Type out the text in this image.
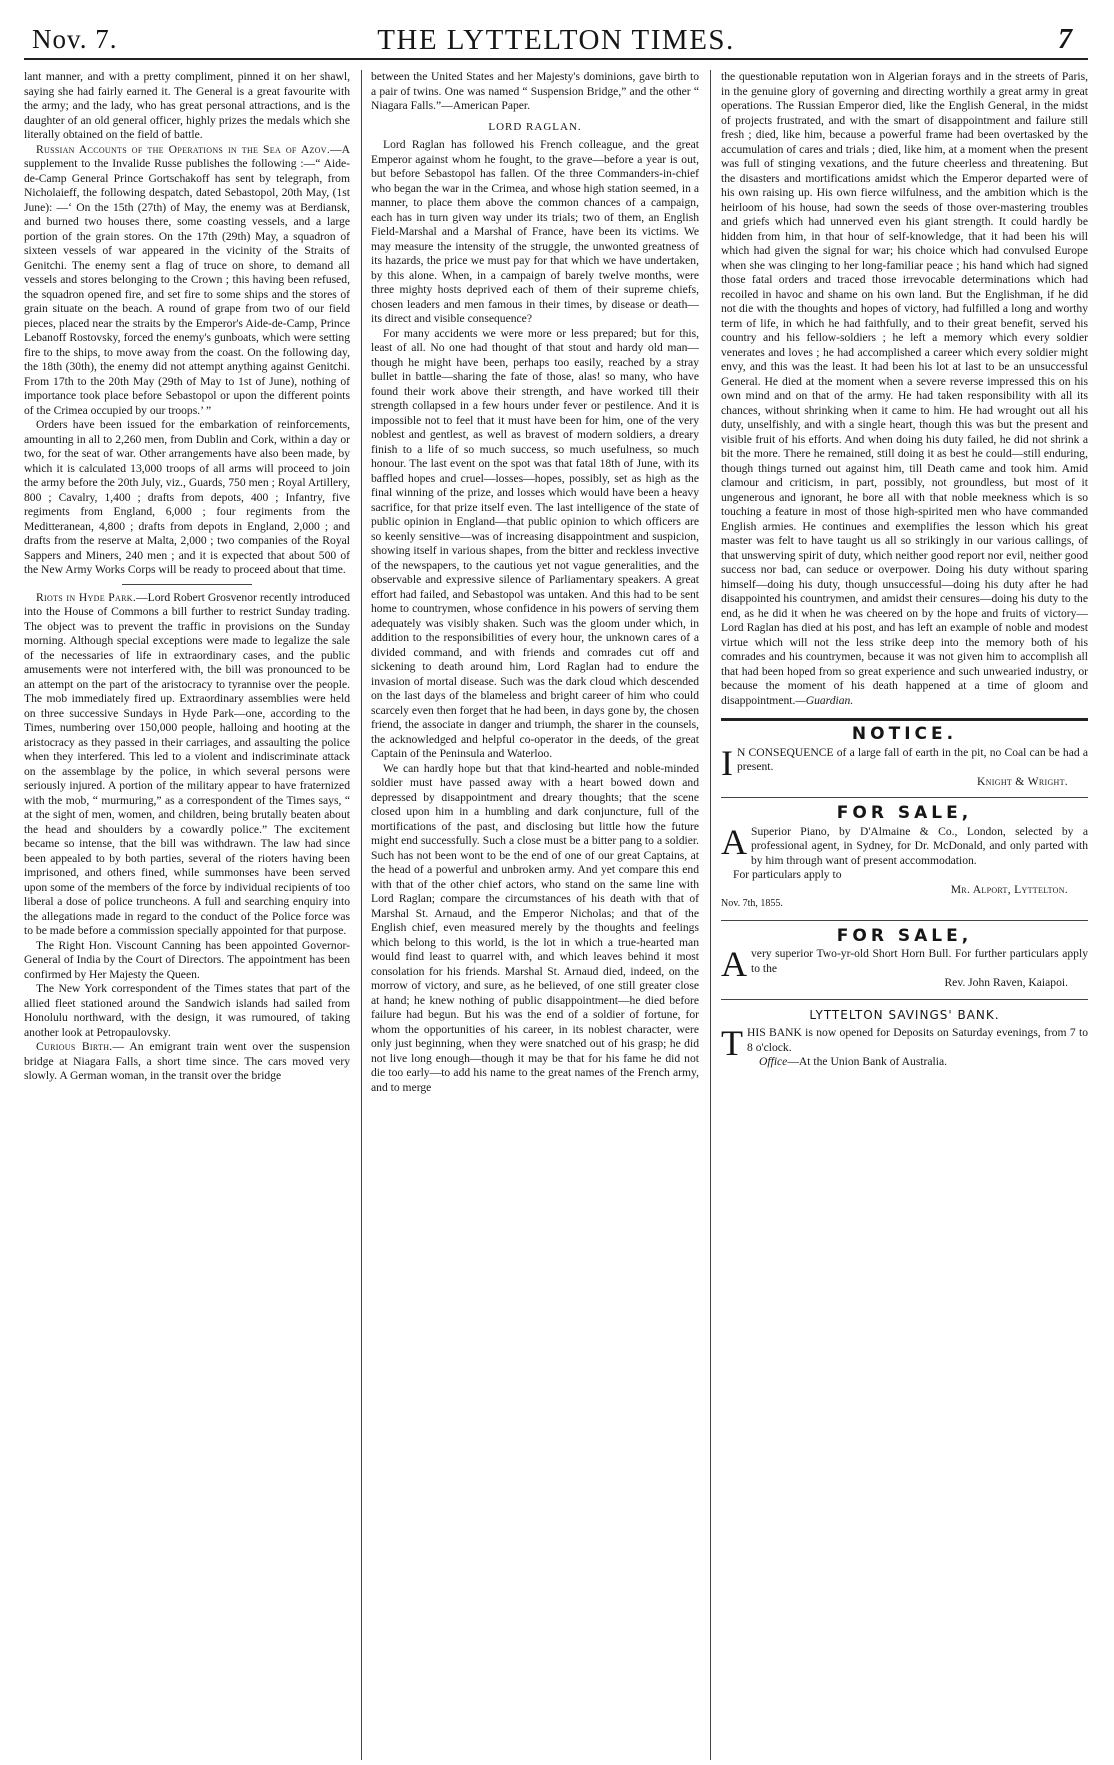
Nov. 7.	THE LYTTELTON TIMES.	7

lant manner, and with a pretty compliment, pinned it on her shawl, saying she had fairly earned it. The General is a great favourite with the army; and the lady, who has great personal attractions, and is the daughter of an old general officer, highly prizes the medals which she literally obtained on the field of battle.

Russian Accounts of the Operations in the Sea of Azov.—A supplement to the Invalide Russe publishes the following :—“ Aide-de-Camp General Prince Gortschakoff has sent by telegraph, from Nicholaieff, the following despatch, dated Sebastopol, 20th May, (1st June): —‘ On the 15th (27th) of May, the enemy was at Berdiansk, and burned two houses there, some coasting vessels, and a large portion of the grain stores. On the 17th (29th) May, a squadron of sixteen vessels of war appeared in the vicinity of the Straits of Genitchi. The enemy sent a flag of truce on shore, to demand all vessels and stores belonging to the Crown ; this having been refused, the squadron opened fire, and set fire to some ships and the stores of grain situate on the beach. A round of grape from two of our field pieces, placed near the straits by the Emperor's Aide-de-Camp, Prince Lebanoff Rostovsky, forced the enemy's gunboats, which were setting fire to the ships, to move away from the coast. On the following day, the 18th (30th), the enemy did not attempt anything against Genitchi. From 17th to the 20th May (29th of May to 1st of June), nothing of importance took place before Sebastopol or upon the different points of the Crimea occupied by our troops.’ ”

Orders have been issued for the embarkation of reinforcements, amounting in all to 2,260 men, from Dublin and Cork, within a day or two, for the seat of war. Other arrangements have also been made, by which it is calculated 13,000 troops of all arms will proceed to join the army before the 20th July, viz., Guards, 750 men ; Royal Artillery, 800 ; Cavalry, 1,400 ; drafts from depots, 400 ; Infantry, five regiments from England, 6,000 ; four regiments from the Meditteranean, 4,800 ; drafts from depots in England, 2,000 ; and drafts from the reserve at Malta, 2,000 ; two companies of the Royal Sappers and Miners, 240 men ; and it is expected that about 500 of the New Army Works Corps will be ready to proceed about that time.

Riots in Hyde Park.—Lord Robert Grosvenor recently introduced into the House of Commons a bill further to restrict Sunday trading. The object was to prevent the traffic in provisions on the Sunday morning. Although special exceptions were made to legalize the sale of the necessaries of life in extraordinary cases, and the public amusements were not interfered with, the bill was pronounced to be an attempt on the part of the aristocracy to tyrannise over the people. The mob immediately fired up. Extraordinary assemblies were held on three successive Sundays in Hyde Park—one, according to the Times, numbering over 150,000 people, halloing and hooting at the aristocracy as they passed in their carriages, and assaulting the police when they interfered. This led to a violent and indiscriminate attack on the assemblage by the police, in which several persons were seriously injured. A portion of the military appear to have fraternized with the mob, “ murmuring,” as a correspondent of the Times says, “ at the sight of men, women, and children, being brutally beaten about the head and shoulders by a cowardly police.” The excitement became so intense, that the bill was withdrawn. The law had since been appealed to by both parties, several of the rioters having been imprisoned, and others fined, while summonses have been served upon some of the members of the force by individual recipients of too liberal a dose of police truncheons. A full and searching enquiry into the allegations made in regard to the conduct of the Police force was to be made before a commission specially appointed for that purpose.

The Right Hon. Viscount Canning has been appointed Governor-General of India by the Court of Directors. The appointment has been confirmed by Her Majesty the Queen.

The New York correspondent of the Times states that part of the allied fleet stationed around the Sandwich islands had sailed from Honolulu northward, with the design, it was rumoured, of taking another look at Petropaulovsky.

Curious Birth.— An emigrant train went over the suspension bridge at Niagara Falls, a short time since. The cars moved very slowly. A German woman, in the transit over the bridge

between the United States and her Majesty's dominions, gave birth to a pair of twins. One was named “ Suspension Bridge,” and the other “ Niagara Falls.”—American Paper.

LORD RAGLAN.

Lord Raglan has followed his French colleague, and the great Emperor against whom he fought, to the grave—before a year is out, but before Sebastopol has fallen. Of the three Commanders-in-chief who began the war in the Crimea, and whose high station seemed, in a manner, to place them above the common chances of a campaign, each has in turn given way under its trials; two of them, an English Field-Marshal and a Marshal of France, have been its victims. We may measure the intensity of the struggle, the unwonted greatness of its hazards, the price we must pay for that which we have undertaken, by this alone. When, in a campaign of barely twelve months, were three mighty hosts deprived each of them of their supreme chiefs, chosen leaders and men famous in their times, by disease or death—its direct and visible consequence?

For many accidents we were more or less prepared; but for this, least of all. No one had thought of that stout and hardy old man—though he might have been, perhaps too easily, reached by a stray bullet in battle—sharing the fate of those, alas! so many, who have found their work above their strength, and have worked till their strength collapsed in a few hours under fever or pestilence. And it is impossible not to feel that it must have been for him, one of the very noblest and gentlest, as well as bravest of modern soldiers, a dreary finish to a life of so much success, so much usefulness, so much honour. The last event on the spot was that fatal 18th of June, with its baffled hopes and cruel—losses—hopes, possibly, set as high as the final winning of the prize, and losses which would have been a heavy sacrifice, for that prize itself even. The last intelligence of the state of public opinion in England—that public opinion to which officers are so keenly sensitive—was of increasing disappointment and suspicion, showing itself in various shapes, from the bitter and reckless invective of the newspapers, to the cautious yet not vague generalities, and the observable and expressive silence of Parliamentary speakers. A great effort had failed, and Sebastopol was untaken. And this had to be sent home to countrymen, whose confidence in his powers of serving them adequately was visibly shaken. Such was the gloom under which, in addition to the responsibilities of every hour, the unknown cares of a divided command, and with friends and comrades cut off and sickening to death around him, Lord Raglan had to endure the invasion of mortal disease. Such was the dark cloud which descended on the last days of the blameless and bright career of him who could scarcely even then forget that he had been, in days gone by, the chosen friend, the associate in danger and triumph, the sharer in the counsels, the acknowledged and helpful co-operator in the deeds, of the great Captain of the Peninsula and Waterloo.

We can hardly hope but that that kind-hearted and noble-minded soldier must have passed away with a heart bowed down and depressed by disappointment and dreary thoughts; that the scene closed upon him in a humbling and dark conjuncture, full of the mortifications of the past, and disclosing but little how the future might end successfully. Such a close must be a bitter pang to a soldier. Such has not been wont to be the end of one of our great Captains, at the head of a powerful and unbroken army. And yet compare this end with that of the other chief actors, who stand on the same line with Lord Raglan; compare the circumstances of his death with that of Marshal St. Arnaud, and the Emperor Nicholas; and that of the English chief, even measured merely by the thoughts and feelings which belong to this world, is the lot in which a true-hearted man would find least to quarrel with, and which leaves behind it most consolation for his friends. Marshal St. Arnaud died, indeed, on the morrow of victory, and sure, as he believed, of one still greater close at hand; he knew nothing of public disappointment—he died before failure had begun. But his was the end of a soldier of fortune, for whom the opportunities of his career, in its noblest character, were only just beginning, when they were snatched out of his grasp; he did not live long enough—though it may be that for his fame he did not die too early—to add his name to the great names of the French army, and to merge

the questionable reputation won in Algerian forays and in the streets of Paris, in the genuine glory of governing and directing worthily a great army in great operations. The Russian Emperor died, like the English General, in the midst of projects frustrated, and with the smart of disappointment and failure still fresh ; died, like him, because a powerful frame had been overtasked by the accumulation of cares and trials ; died, like him, at a moment when the present was full of stinging vexations, and the future cheerless and threatening. But the disasters and mortifications amidst which the Emperor departed were of his own raising up. His own fierce wilfulness, and the ambition which is the heirloom of his house, had sown the seeds of those over-mastering troubles and griefs which had unnerved even his giant strength. It could hardly be hidden from him, in that hour of self-knowledge, that it had been his will which had given the signal for war; his choice which had convulsed Europe when she was clinging to her long-familiar peace ; his hand which had signed those fatal orders and traced those irrevocable determinations which had recoiled in havoc and shame on his own land. But the Englishman, if he did not die with the thoughts and hopes of victory, had fulfilled a long and worthy term of life, in which he had faithfully, and to their great benefit, served his country and his fellow-soldiers ; he left a memory which every soldier venerates and loves ; he had accomplished a career which every soldier might envy, and this was the least. It had been his lot at last to be an unsuccessful General. He died at the moment when a severe reverse impressed this on his own mind and on that of the army. He had taken responsibility with all its chances, without shrinking when it came to him. He had wrought out all his duty, unselfishly, and with a single heart, though this was but the present and visible fruit of his efforts. And when doing his duty failed, he did not shrink a bit the more. There he remained, still doing it as best he could—still enduring, though things turned out against him, till Death came and took him. Amid clamour and criticism, in part, possibly, not groundless, but most of it ungenerous and ignorant, he bore all with that noble meekness which is so touching a feature in most of those high-spirited men who have commanded English armies. He continues and exemplifies the lesson which his great master was felt to have taught us all so strikingly in our various callings, of that unswerving spirit of duty, which neither good report nor evil, neither good success nor bad, can seduce or overpower. Doing his duty without sparing himself—doing his duty, though unsuccessful—doing his duty after he had disappointed his countrymen, and amidst their censures—doing his duty to the end, as he did it when he was cheered on by the hope and fruits of victory—Lord Raglan has died at his post, and has left an example of noble and modest virtue which will not the less strike deep into the memory both of his comrades and his countrymen, because it was not given him to accomplish all that had been hoped from so great experience and such unwearied industry, or because the moment of his death happened at a time of gloom and disappointment.—Guardian.

NOTICE.

I N CONSEQUENCE of a large fall of earth in the pit, no Coal can be had a present.

Knight & Wright.

FOR SALE,

A Superior Piano, by D'Almaine & Co., London, selected by a professional agent, in Sydney, for Dr. McDonald, and only parted with by him through want of present accommodation.

For particulars apply to

Mr. Alport, Lyttelton.

Nov. 7th, 1855.

FOR SALE,

Avery superior Two-yr-old Short Horn Bull. For further particulars apply to the

Rev. John Raven, Kaiapoi.

LYTTELTON SAVINGS' BANK.

THIS BANK is now opened for Deposits on Saturday evenings, from 7 to 8 o'clock.

Office—At the Union Bank of Australia.
